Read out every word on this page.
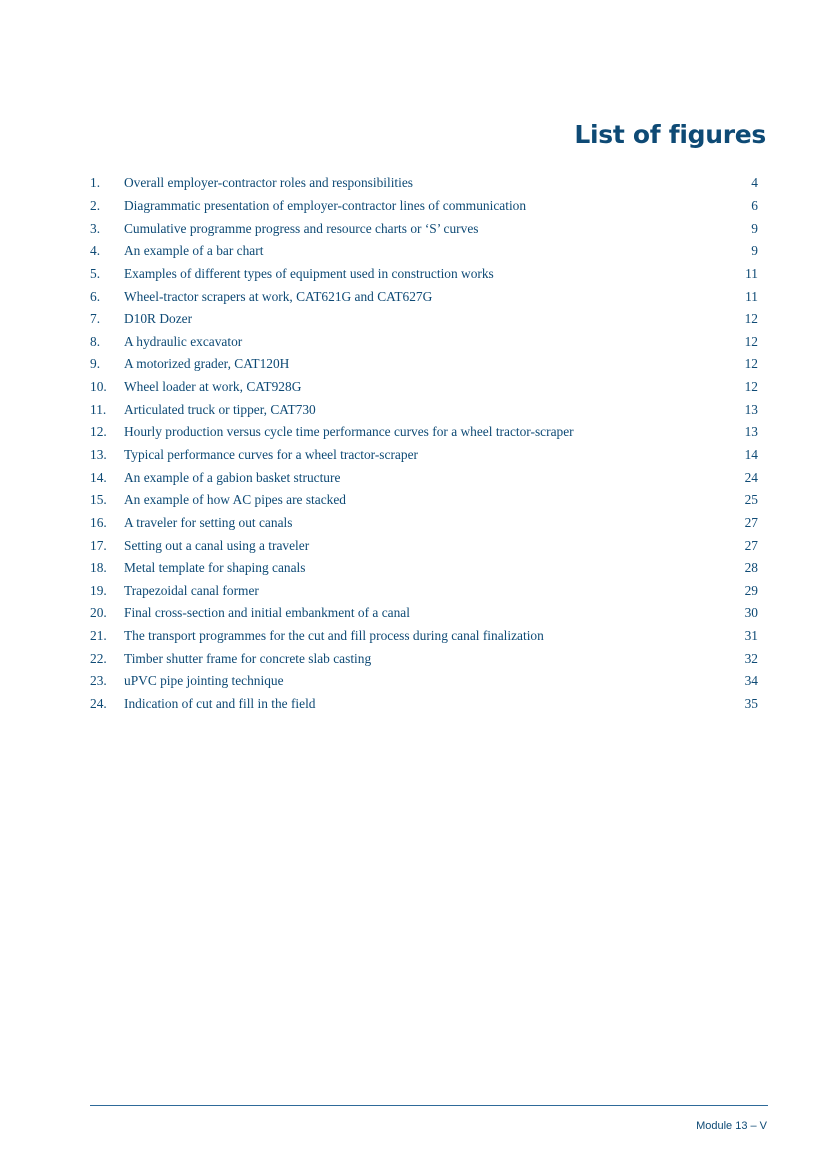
List of figures
1.	Overall employer-contractor roles and responsibilities	4
2.	Diagrammatic presentation of employer-contractor lines of communication	6
3.	Cumulative programme progress and resource charts or ‘S’ curves	9
4.	An example of a bar chart	9
5.	Examples of different types of equipment used in construction works	11
6.	Wheel-tractor scrapers at work, CAT621G and CAT627G	11
7.	D10R Dozer	12
8.	A hydraulic excavator	12
9.	A motorized grader, CAT120H	12
10.	Wheel loader at work, CAT928G	12
11.	Articulated truck or tipper, CAT730	13
12.	Hourly production versus cycle time performance curves for a wheel tractor-scraper	13
13.	Typical performance curves for a wheel tractor-scraper	14
14.	An example of a gabion basket structure	24
15.	An example of how AC pipes are stacked	25
16.	A traveler for setting out canals	27
17.	Setting out a canal using a traveler	27
18.	Metal template for shaping canals	28
19.	Trapezoidal canal former	29
20.	Final cross-section and initial embankment of a canal	30
21.	The transport programmes for the cut and fill process during canal finalization	31
22.	Timber shutter frame for concrete slab casting	32
23.	uPVC pipe jointing technique	34
24.	Indication of cut and fill in the field	35
Module 13 – V
